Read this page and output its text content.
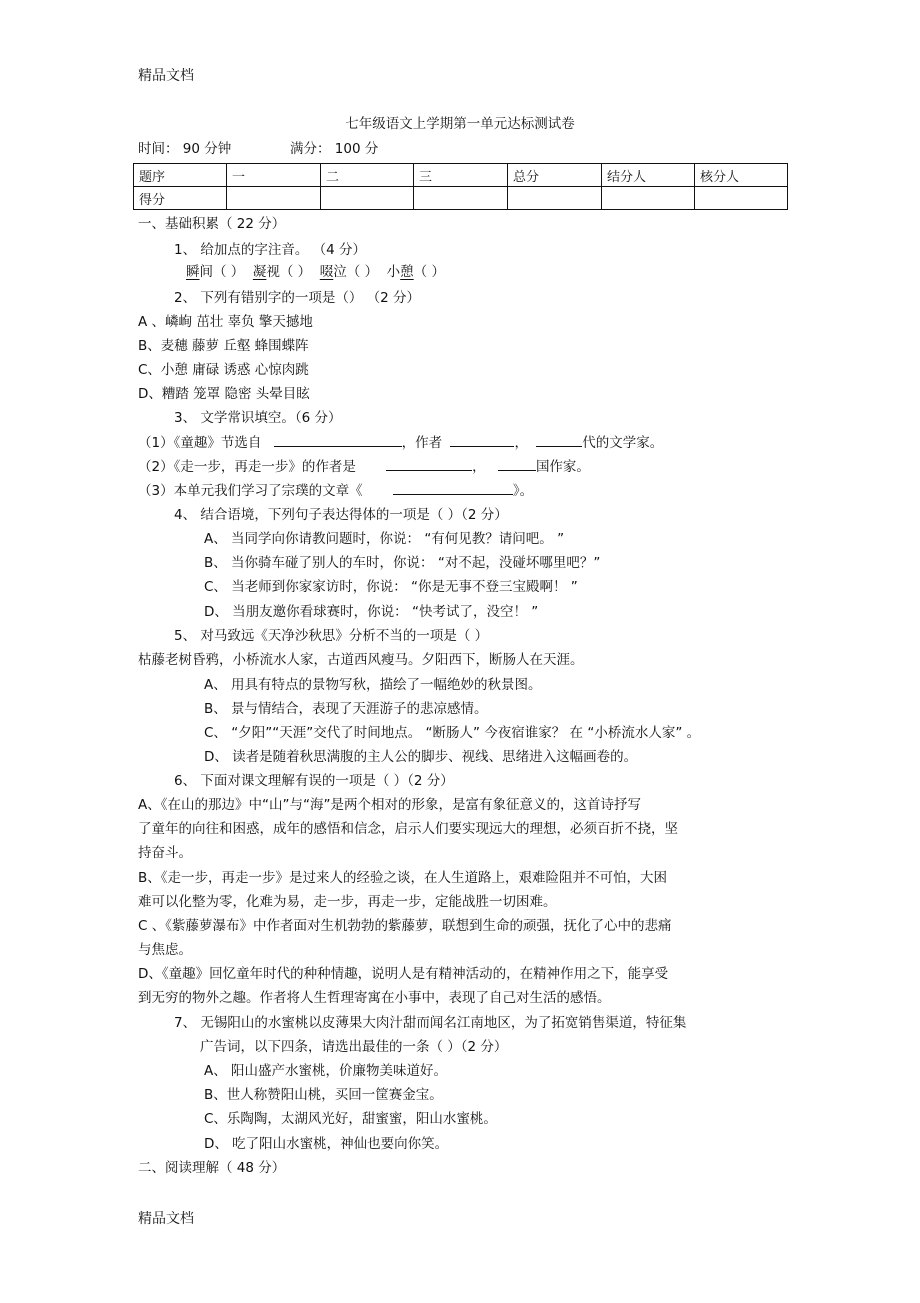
精品文档
七年级语文上学期第一单元达标测试卷
时间： 90 分钟	满分： 100 分
题序	一	二	三	总分	结分人	核分人
得分						
一、基础积累（ 22 分）
1、 给加点的字注音。 （4 分）
瞬间（ ） 凝视（ ） 啜泣（ ） 小憩（ ）
2、 下列有错别字的一项是（） （2 分）
A 、嶙峋 茁壮 辜负 擎天撼地
B、麦穗 藤萝 丘壑 蜂围蝶阵
C、小憩 庸碌 诱惑 心惊肉跳
D、糟踏 笼罩 隐密 头晕目眩
3、 文学常识填空。（6 分）
（1）《童趣》节选自	，作者	，	代的文学家。
（2）《走一步，再走一步》的作者是	，	国作家。
（3）本单元我们学习了宗璞的文章《	》。
4、 结合语境，下列句子表达得体的一项是（ ）（2 分）
A、 当同学向你请教问题时，你说： “有何见教？请问吧。 ”
B、 当你骑车碰了别人的车时，你说： “对不起，没碰坏哪里吧？”
C、 当老师到你家家访时，你说： “你是无事不登三宝殿啊！ ”
D、 当朋友邀你看球赛时，你说： “快考试了，没空！ ”
5、 对马致远《天净沙秋思》分析不当的一项是（ ）
枯藤老树昏鸦，小桥流水人家，古道西风瘦马。夕阳西下，断肠人在天涯。
A、 用具有特点的景物写秋，描绘了一幅绝妙的秋景图。
B、 景与情结合，表现了天涯游子的悲凉感情。
C、 “夕阳”“天涯”交代了时间地点。 “断肠人” 今夜宿谁家？ 在 “小桥流水人家” 。
D、 读者是随着秋思满腹的主人公的脚步、视线、思绪进入这幅画卷的。
6、 下面对课文理解有误的一项是（ ）（2 分）
A、《在山的那边》中“山”与“海”是两个相对的形象，是富有象征意义的，这首诗抒写
了童年的向往和困惑，成年的感悟和信念，启示人们要实现远大的理想，必须百折不挠，坚
持奋斗。
B、《走一步，再走一步》是过来人的经验之谈，在人生道路上，艰难险阻并不可怕，大困
难可以化整为零，化难为易，走一步，再走一步，定能战胜一切困难。
C 、《紫藤萝瀑布》中作者面对生机勃勃的紫藤萝，联想到生命的顽强，抚化了心中的悲痛
与焦虑。
D、《童趣》回忆童年时代的种种情趣，说明人是有精神活动的，在精神作用之下，能享受
到无穷的物外之趣。作者将人生哲理寄寓在小事中，表现了自己对生活的感悟。
7、 无锡阳山的水蜜桃以皮薄果大肉汁甜而闻名江南地区，为了拓宽销售渠道，特征集
广告词，以下四条，请选出最佳的一条（ ）（2 分）
A、 阳山盛产水蜜桃，价廉物美味道好。
B、世人称赞阳山桃，买回一筐赛金宝。
C、乐陶陶，太湖风光好，甜蜜蜜，阳山水蜜桃。
D、 吃了阳山水蜜桃，神仙也要向你笑。
二、阅读理解（ 48 分）
精品文档
